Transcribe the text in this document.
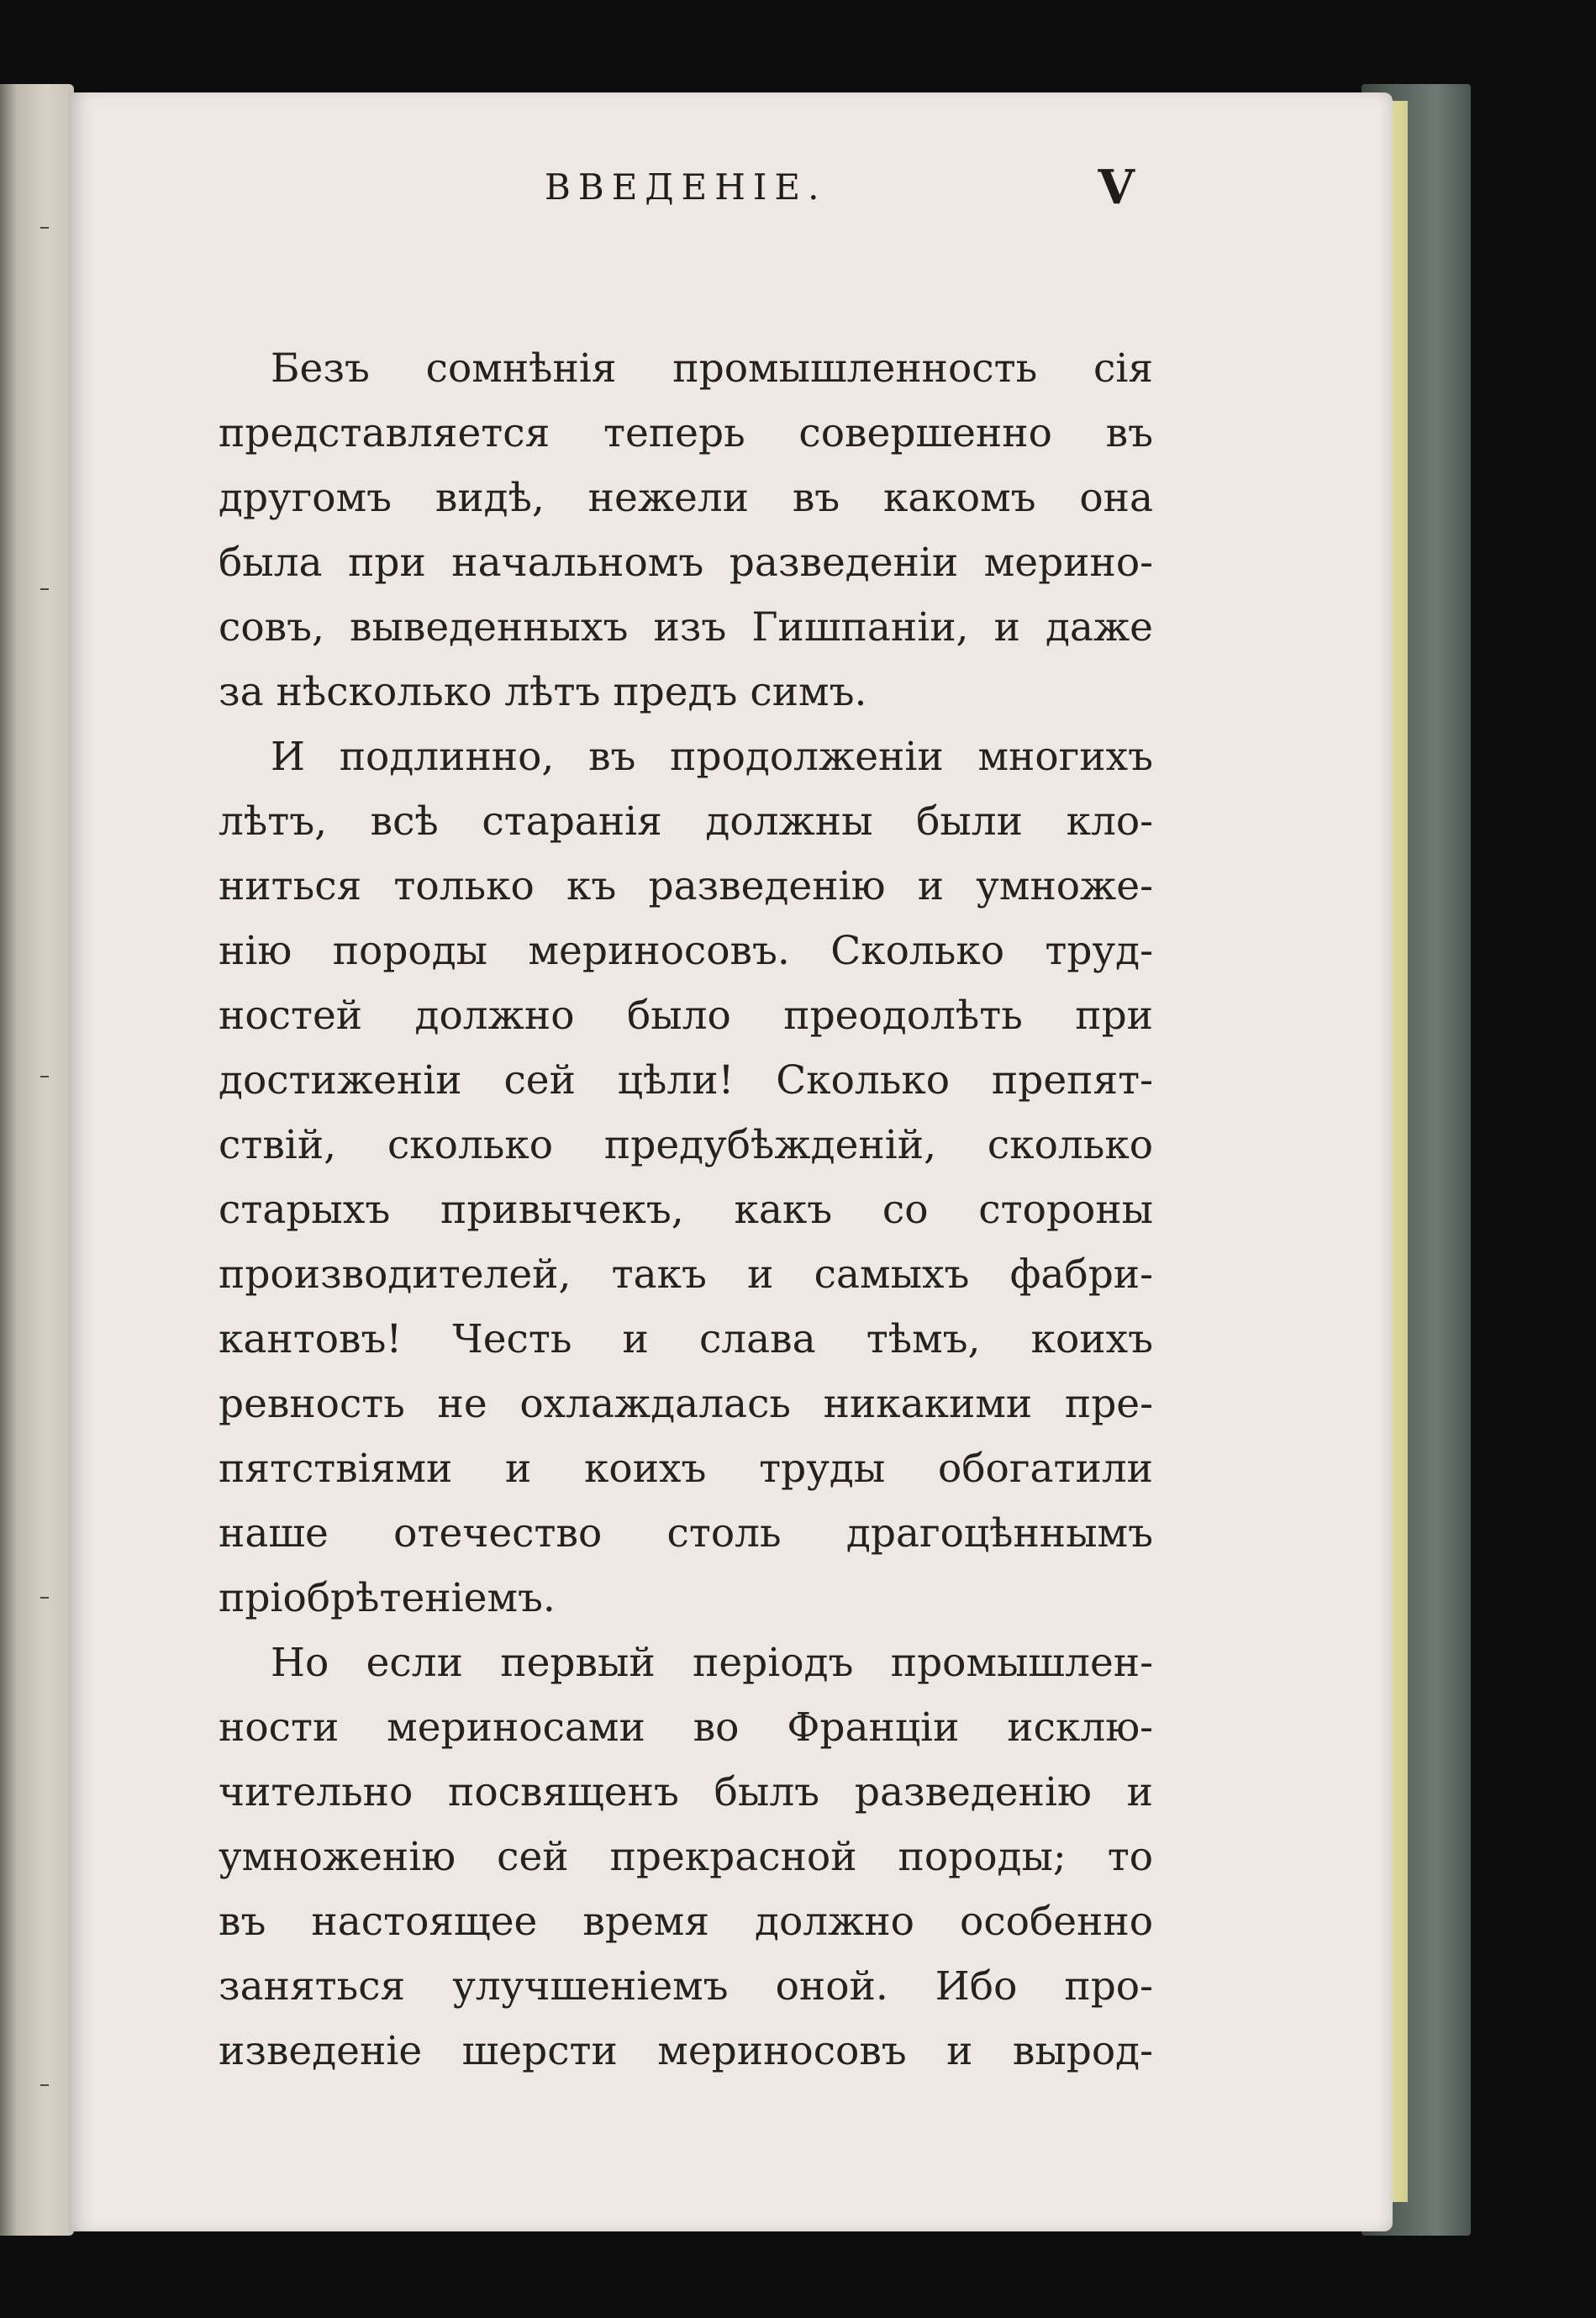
ВВЕДЕНІЕ.	V
Безъ сомнѣнія промышленность сія
представляется теперь совершенно въ
другомъ видѣ, нежели въ какомъ она
была при начальномъ разведеніи мерино-
совъ, выведенныхъ изъ Гишпаніи, и даже
за нѣсколько лѣтъ предъ симъ.
И подлинно, въ продолженіи многихъ
лѣтъ, всѣ старанія должны были кло-
ниться только къ разведенію и умноже-
нію породы мериносовъ. Сколько труд-
ностей должно было преодолѣть при
достиженіи сей цѣли! Сколько препят-
ствій, сколько предубѣжденій, сколько
старыхъ привычекъ, какъ со стороны
производителей, такъ и самыхъ фабри-
кантовъ! Честь и слава тѣмъ, коихъ
ревность не охлаждалась никакими пре-
пятствіями и коихъ труды обогатили
наше отечество столь драгоцѣннымъ
пріобрѣтеніемъ.
Но если первый періодъ промышлен-
ности мериносами во Франціи исклю-
чительно посвященъ былъ разведенію и
умноженію сей прекрасной породы; то
въ настоящее время должно особенно
заняться улучшеніемъ оной. Ибо про-
изведеніе шерсти мериносовъ и вырод-
